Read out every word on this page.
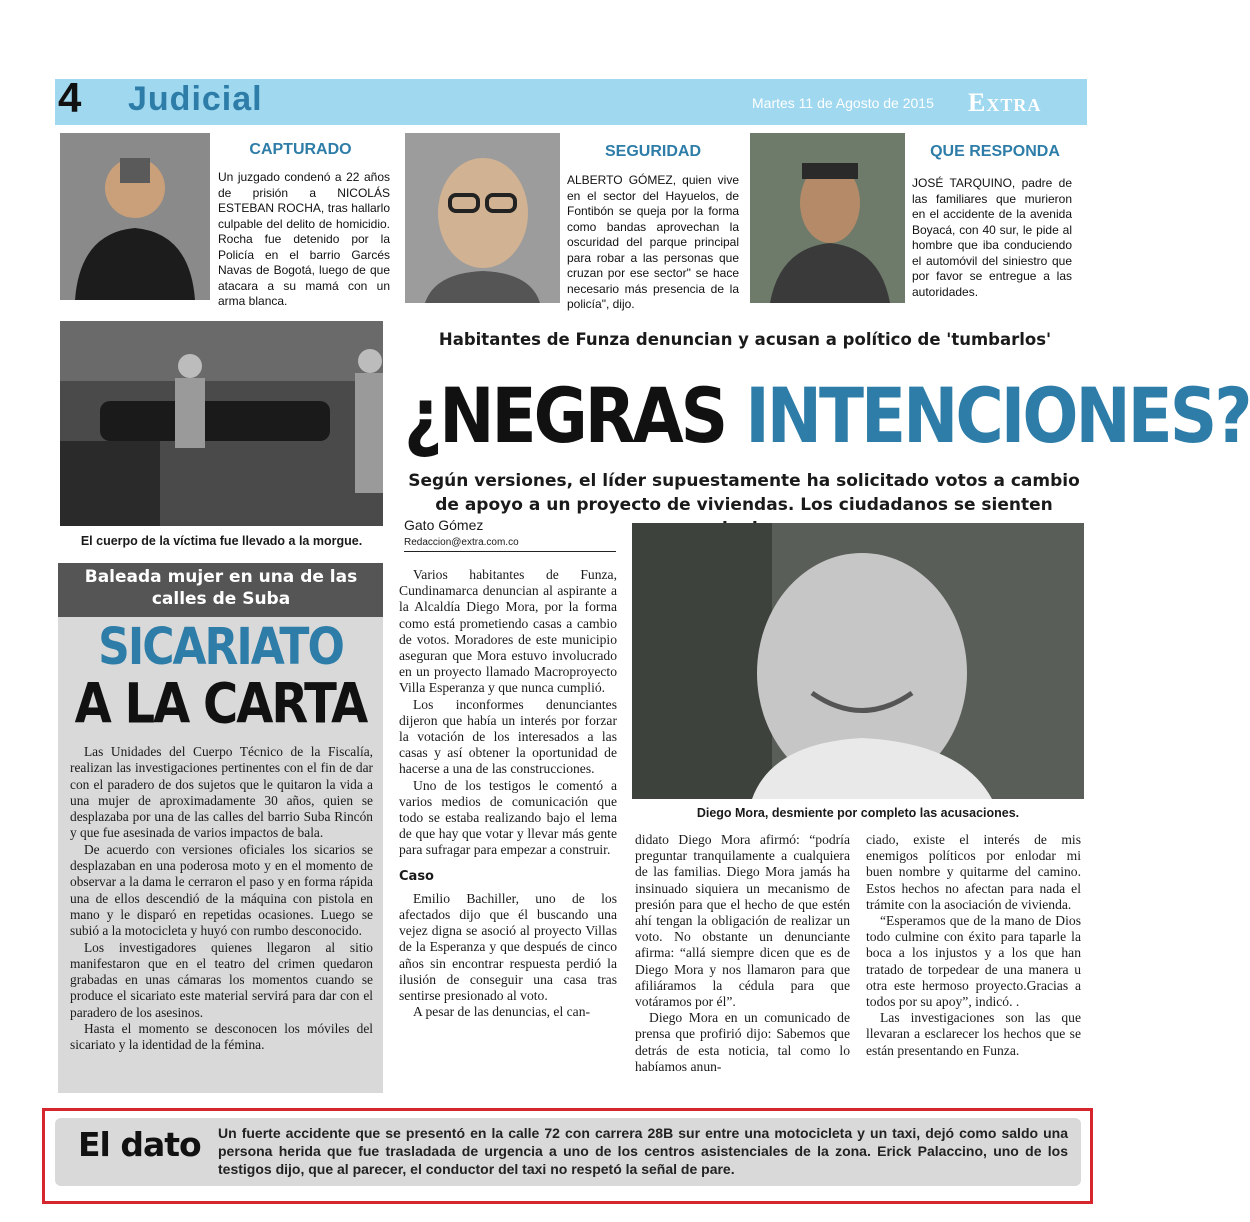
4	Judicial	Martes 11 de Agosto de 2015 Extra
CAPTURADO
Un juzgado condenó a 22 años de prisión a NICOLÁS ESTEBAN ROCHA, tras hallarlo culpable del delito de homicidio. Rocha fue detenido por la Policía en el barrio Garcés Navas de Bogotá, luego de que atacara a su mamá con un arma blanca.
SEGURIDAD
ALBERTO GÓMEZ, quien vive en el sector del Hayuelos, de Fontibón se queja por la forma como bandas aprovechan la oscuridad del parque principal para robar a las personas que cruzan por ese sector" se hace necesario más presencia de la policía", dijo.
QUE RESPONDA
JOSÉ TARQUINO, padre de las familiares que murieron en el accidente de la avenida Boyacá, con 40 sur, le pide al hombre que iba conduciendo el automóvil del siniestro que por favor se entregue a las autoridades.
El cuerpo de la víctima fue llevado a la morgue.
Baleada mujer en una de las calles de Suba
SICARIATO
A LA CARTA

Las Unidades del Cuerpo Técnico de la Fiscalía, realizan las investigaciones pertinentes con el fin de dar con el paradero de dos sujetos que le quitaron la vida a una mujer de aproximadamente 30 años, quien se desplazaba por una de las calles del barrio Suba Rincón y que fue asesinada de varios impactos de bala.

De acuerdo con versiones oficiales los sicarios se desplazaban en una poderosa moto y en el momento de observar a la dama le cerraron el paso y en forma rápida una de ellos descendió de la máquina con pistola en mano y le disparó en repetidas ocasiones. Luego se subió a la motocicleta y huyó con rumbo desconocido.

Los investigadores quienes llegaron al sitio manifestaron que en el teatro del crimen quedaron grabadas en unas cámaras los momentos cuando se produce el sicariato este material servirá para dar con el paradero de los asesinos.

Hasta el momento se desconocen los móviles del sicariato y la identidad de la fémina.

Habitantes de Funza denuncian y acusan a político de 'tumbarlos'
¿NEGRAS INTENCIONES?
Según versiones, el líder supuestamente ha solicitado votos a cambio de apoyo a un proyecto de viviendas. Los ciudadanos se sienten
Gato Gómez
Redaccion@extra.com.co
Diego Mora, desmiente por completo las acusaciones.

Varios habitantes de Funza, Cundinamarca denuncian al aspirante a la Alcaldía Diego Mora, por la forma como está prometiendo casas a cambio de votos. Moradores de este municipio aseguran que Mora estuvo involucrado en un proyecto llamado Macroproyecto Villa Esperanza y que nunca cumplió.

Los inconformes denunciantes dijeron que había un interés por forzar la votación de los interesados a las casas y así obtener la oportunidad de hacerse a una de las construcciones.

Uno de los testigos le comentó a varios medios de comunicación que todo se estaba realizando bajo el lema de que hay que votar y llevar más gente para sufragar para empezar a construir.

Caso

Emilio Bachiller, uno de los afectados dijo que él buscando una vejez digna se asoció al proyecto Villas de la Esperanza y que después de cinco años sin encontrar respuesta perdió la ilusión de conseguir una casa tras sentirse presionado al voto.

A pesar de las denuncias, el can-

didato Diego Mora afirmó: “podría preguntar tranquilamente a cualquiera de las familias. Diego Mora jamás ha insinuado siquiera un mecanismo de presión para que el hecho de que estén ahí tengan la obligación de realizar un voto. No obstante un denunciante afirma: “allá siempre dicen que es de Diego Mora y nos llamaron para que afiliáramos la cédula para que votáramos por él”.

Diego Mora en un comunicado de prensa que profirió dijo: Sabemos que detrás de esta noticia, tal como lo habíamos anun-

ciado, existe el interés de mis enemigos políticos por enlodar mi buen nombre y quitarme del camino. Estos hechos no afectan para nada el trámite con la asociación de vivienda.

“Esperamos que de la mano de Dios todo culmine con éxito para taparle la boca a los injustos y a los que han tratado de torpedear de una manera u otra este hermoso proyecto.Gracias a todos por su apoy”, indicó. .

Las investigaciones son las que llevaran a esclarecer los hechos que se están presentando en Funza.

El dato Un fuerte accidente que se presentó en la calle 72 con carrera 28B sur entre una motocicleta y un taxi, dejó como saldo una persona herida que fue trasladada de urgencia a uno de los centros asistenciales de la zona. Erick Palaccino, uno de los testigos dijo, que al parecer, el conductor del taxi no respetó la señal de pare.
